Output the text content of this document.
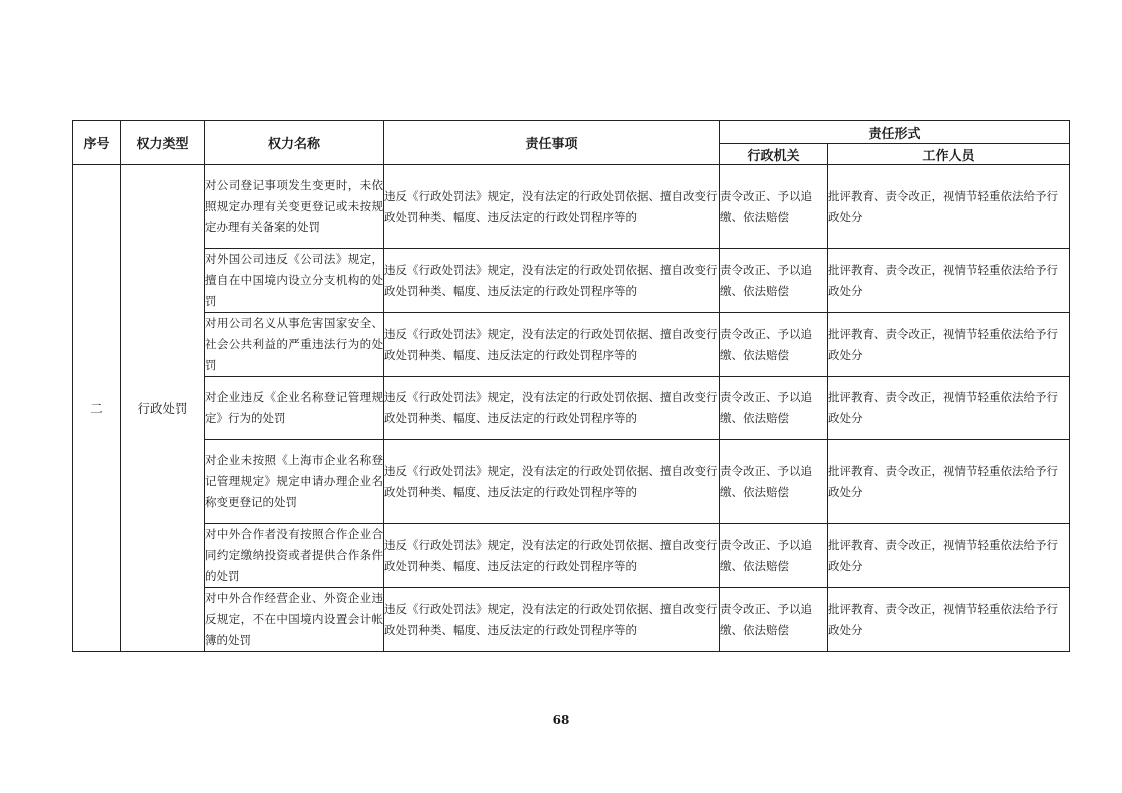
序号	权力类型	权力名称	责任事项	责任形式	
				行政机关	工作人员
二	行政处罚	对公司登记事项发生变更时，未依照规定办理有关变更登记或未按规定办理有关备案的处罚	违反《行政处罚法》规定，没有法定的行政处罚依据、擅自改变行政处罚种类、幅度、违反法定的行政处罚程序等的	责令改正、予以追缴、依法赔偿	批评教育、责令改正，视情节轻重依法给予行政处分
		对外国公司违反《公司法》规定，擅自在中国境内设立分支机构的处罚	违反《行政处罚法》规定，没有法定的行政处罚依据、擅自改变行政处罚种类、幅度、违反法定的行政处罚程序等的	责令改正、予以追缴、依法赔偿	批评教育、责令改正，视情节轻重依法给予行政处分
		对用公司名义从事危害国家安全、社会公共利益的严重违法行为的处罚	违反《行政处罚法》规定，没有法定的行政处罚依据、擅自改变行政处罚种类、幅度、违反法定的行政处罚程序等的	责令改正、予以追缴、依法赔偿	批评教育、责令改正，视情节轻重依法给予行政处分
		对企业违反《企业名称登记管理规定》行为的处罚	违反《行政处罚法》规定，没有法定的行政处罚依据、擅自改变行政处罚种类、幅度、违反法定的行政处罚程序等的	责令改正、予以追缴、依法赔偿	批评教育、责令改正，视情节轻重依法给予行政处分
		对企业未按照《上海市企业名称登记管理规定》规定申请办理企业名称变更登记的处罚	违反《行政处罚法》规定，没有法定的行政处罚依据、擅自改变行政处罚种类、幅度、违反法定的行政处罚程序等的	责令改正、予以追缴、依法赔偿	批评教育、责令改正，视情节轻重依法给予行政处分
		对中外合作者没有按照合作企业合同约定缴纳投资或者提供合作条件的处罚	违反《行政处罚法》规定，没有法定的行政处罚依据、擅自改变行政处罚种类、幅度、违反法定的行政处罚程序等的	责令改正、予以追缴、依法赔偿	批评教育、责令改正，视情节轻重依法给予行政处分
		对中外合作经营企业、外资企业违反规定，不在中国境内设置会计帐簿的处罚	违反《行政处罚法》规定，没有法定的行政处罚依据、擅自改变行政处罚种类、幅度、违反法定的行政处罚程序等的	责令改正、予以追缴、依法赔偿	批评教育、责令改正，视情节轻重依法给予行政处分
68
